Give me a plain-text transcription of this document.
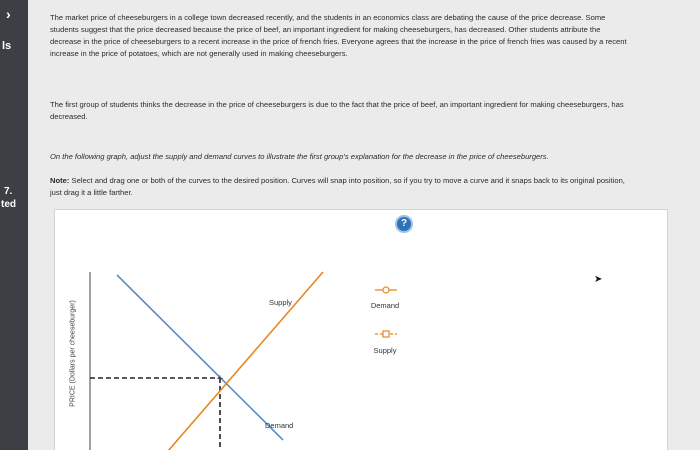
›
ls
7.
ted
The market price of cheeseburgers in a college town decreased recently, and the students in an economics class are debating the cause of the price decrease. Some students suggest that the price decreased because the price of beef, an important ingredient for making cheeseburgers, has decreased. Other students attribute the decrease in the price of cheeseburgers to a recent increase in the price of french fries. Everyone agrees that the increase in the price of french fries was caused by a recent increase in the price of potatoes, which are not generally used in making cheeseburgers.
The first group of students thinks the decrease in the price of cheeseburgers is due to the fact that the price of beef, an important ingredient for making cheeseburgers, has decreased.
On the following graph, adjust the supply and demand curves to illustrate the first group's explanation for the decrease in the price of cheeseburgers.
Note: Select and drag one or both of the curves to the desired position. Curves will snap into position, so if you try to move a curve and it snaps back to its original position, just drag it a little farther.
?
+
PRICE (Dollars per cheeseburger)	Supply
Demand
Demand
Supply
➤
